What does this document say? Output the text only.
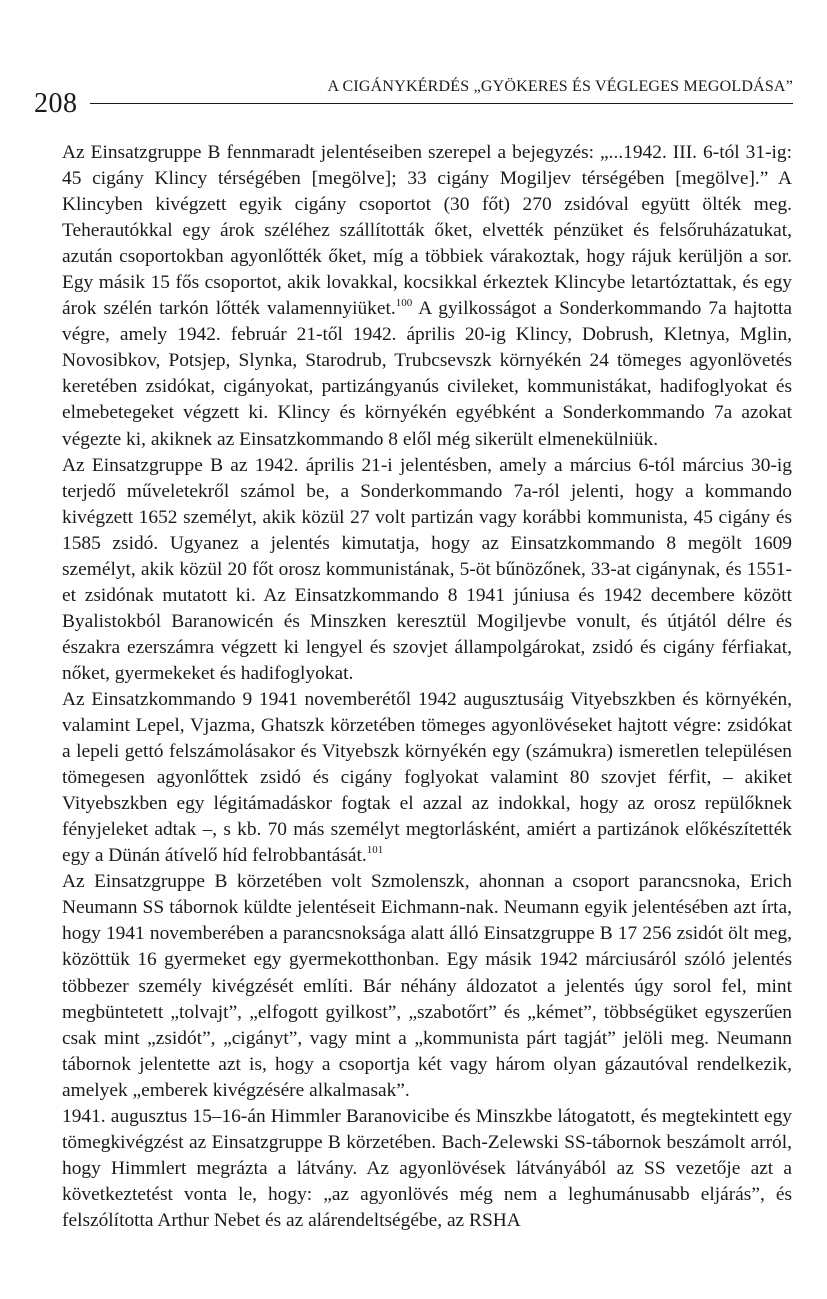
208
A CIGÁNYKÉRDÉS „GYÖKERES ÉS VÉGLEGES MEGOLDÁSA”

Az Einsatzgruppe B fennmaradt jelentéseiben szerepel a bejegyzés: „...1942. III. 6-tól 31-ig: 45 cigány Klincy térségében [megölve]; 33 cigány Mogiljev térségében [megölve].” A Klincyben kivégzett egyik cigány csoportot (30 főt) 270 zsidóval együtt ölték meg. Teherautókkal egy árok széléhez szállították őket, elvették pénzüket és felsőruházatukat, azután csoportokban agyonlőtték őket, míg a többiek várakoztak, hogy rájuk kerüljön a sor. Egy másik 15 fős csoportot, akik lovakkal, kocsikkal érkeztek Klincybe letartóztattak, és egy árok szélén tarkón lőtték valamennyiüket.$^{100}$ A gyilkosságot a Sonderkommando 7a hajtotta végre, amely 1942. február 21-től 1942. április 20-ig Klincy, Dobrush, Kletnya, Mglin, Novosibkov, Potsjep, Slynka, Starodrub, Trubcsevszk környékén 24 tömeges agyonlövetés keretében zsidókat, cigányokat, partizángyanús civileket, kommunistákat, hadifoglyokat és elmebetegeket végzett ki. Klincy és környékén egyébként a Sonderkommando 7a azokat végezte ki, akiknek az Einsatzkommando 8 elől még sikerült elmenekülniük.

Az Einsatzgruppe B az 1942. április 21-i jelentésben, amely a március 6-tól március 30-ig terjedő műveletekről számol be, a Sonderkommando 7a-ról jelenti, hogy a kommando kivégzett 1652 személyt, akik közül 27 volt partizán vagy korábbi kommunista, 45 cigány és 1585 zsidó. Ugyanez a jelentés kimutatja, hogy az Einsatzkommando 8 megölt 1609 személyt, akik közül 20 főt orosz kommunistának, 5-öt bűnözőnek, 33-at cigánynak, és 1551-et zsidónak mutatott ki. Az Einsatzkommando 8 1941 júniusa és 1942 decembere között Byalistokból Baranowicén és Minszken keresztül Mogiljevbe vonult, és útjától délre és északra ezerszámra végzett ki lengyel és szovjet állampolgárokat, zsidó és cigány férfiakat, nőket, gyermekeket és hadifoglyokat.

Az Einsatzkommando 9 1941 novemberétől 1942 augusztusáig Vityebszkben és környékén, valamint Lepel, Vjazma, Ghatszk körzetében tömeges agyonlövéseket hajtott végre: zsidókat a lepeli gettó felszámolásakor és Vityebszk környékén egy (számukra) ismeretlen településen tömegesen agyonlőttek zsidó és cigány foglyokat valamint 80 szovjet férfit, – akiket Vityebszkben egy légitámadáskor fogtak el azzal az indokkal, hogy az orosz repülőknek fényjeleket adtak –, s kb. 70 más személyt megtorlásként, amiért a partizánok előkészítették egy a Dünán átívelő híd felrobbantását.$^{101}$

Az Einsatzgruppe B körzetében volt Szmolenszk, ahonnan a csoport parancsnoka, Erich Neumann SS tábornok küldte jelentéseit Eichmann-nak. Neumann egyik jelentésében azt írta, hogy 1941 novemberében a parancsnoksága alatt álló Einsatzgruppe B 17 256 zsidót ölt meg, közöttük 16 gyermeket egy gyermekotthonban. Egy másik 1942 márciusáról szóló jelentés többezer személy kivégzését említi. Bár néhány áldozatot a jelentés úgy sorol fel, mint megbüntetett „tolvajt”, „elfogott gyilkost”, „szabotőrt” és „kémet”, többségüket egyszerűen csak mint „zsidót”, „cigányt”, vagy mint a „kommunista párt tagját” jelöli meg. Neumann tábornok jelentette azt is, hogy a csoportja két vagy három olyan gázautóval rendelkezik, amelyek „emberek kivégzésére alkalmasak”.

1941. augusztus 15–16-án Himmler Baranovicibe és Minszkbe látogatott, és megtekintett egy tömegkivégzést az Einsatzgruppe B körzetében. Bach-Zelewski SS-tábornok beszámolt arról, hogy Himmlert megrázta a látvány. Az agyonlövések látványából az SS vezetője azt a következtetést vonta le, hogy: „az agyonlövés még nem a leghumánusabb eljárás”, és felszólította Arthur Nebet és az alárendeltségébe, az RSHA
